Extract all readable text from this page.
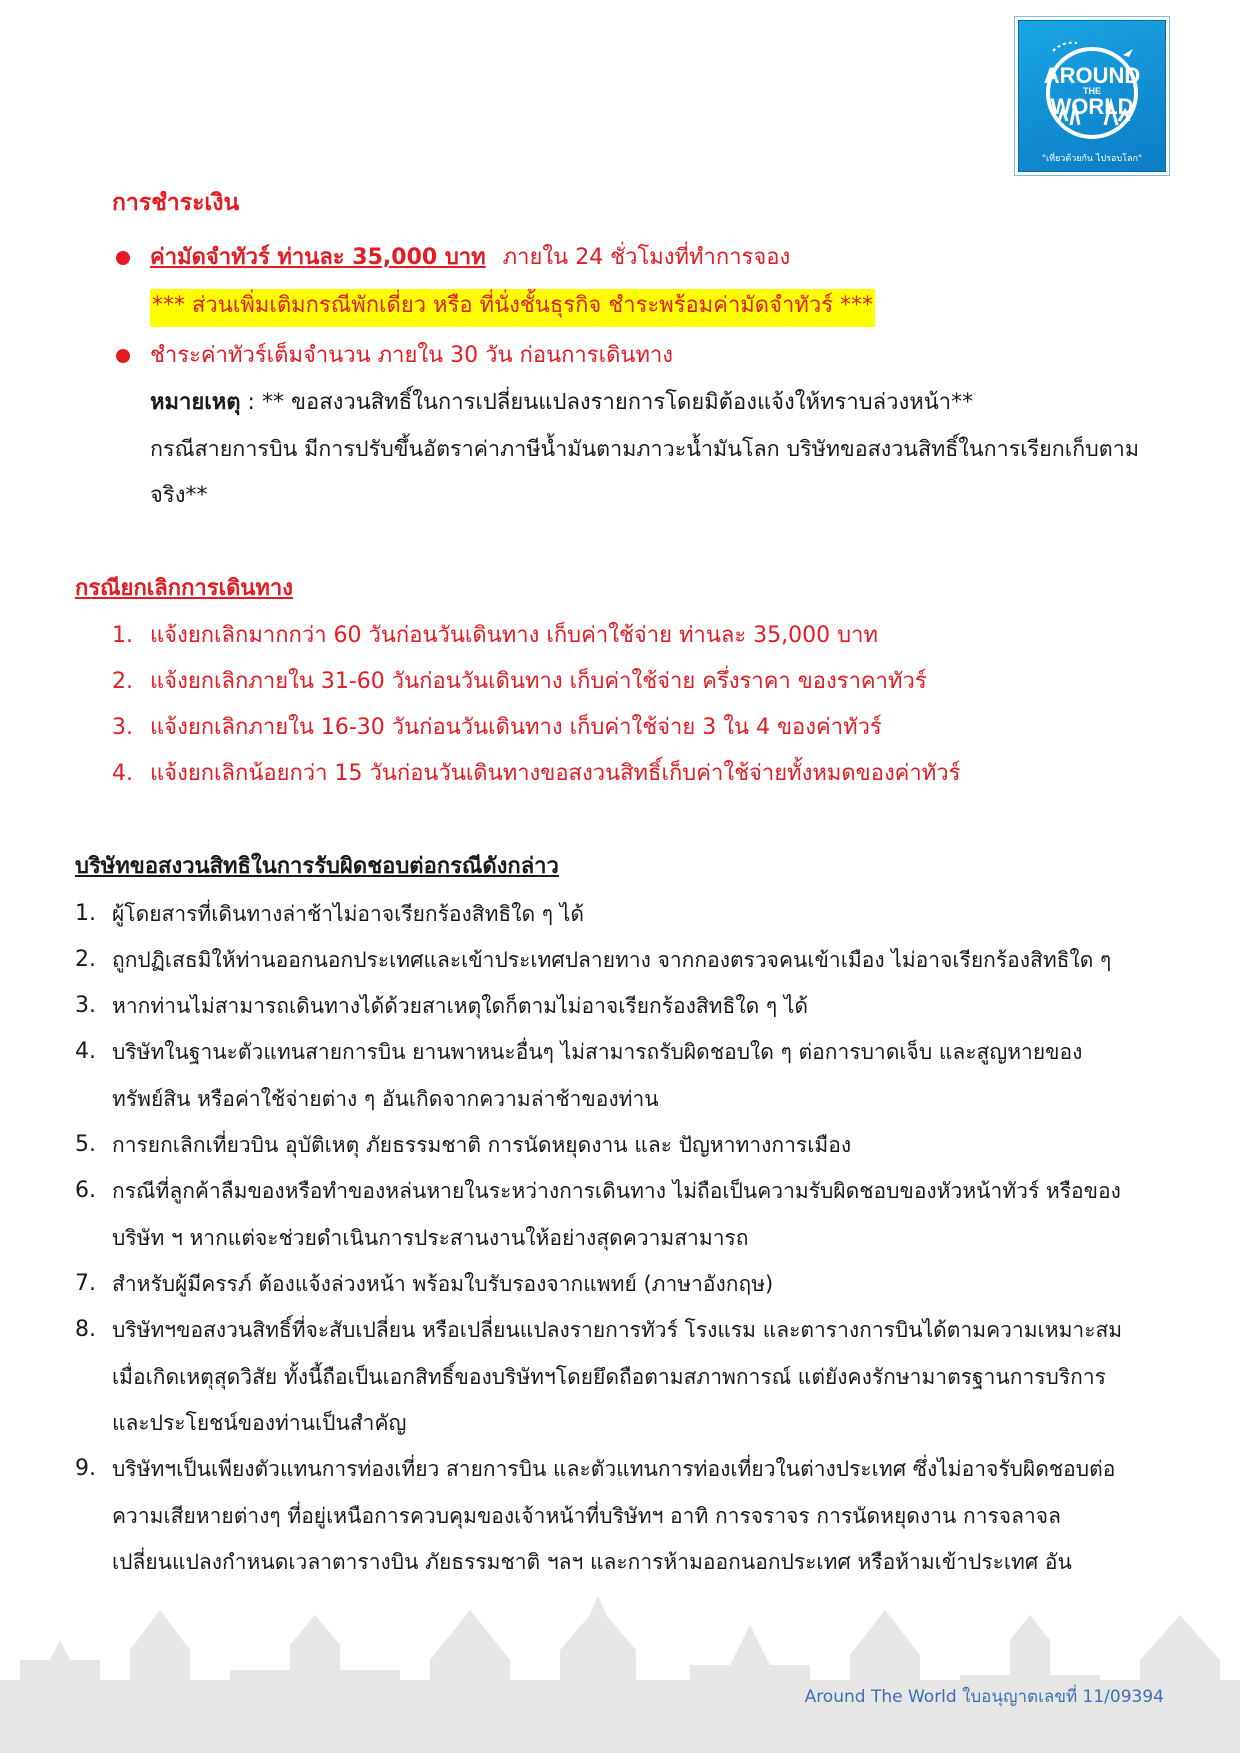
AROUND
THE
WORLD
"เที่ยวด้วยกัน ไปรอบโลก"
การชำระเงิน
ค่ามัดจำทัวร์ ท่านละ 35,000 บาท ภายใน 24 ชั่วโมงที่ทำการจอง
*** ส่วนเพิ่มเติมกรณีพักเดี่ยว หรือ ที่นั่งชั้นธุรกิจ ชำระพร้อมค่ามัดจำทัวร์ ***
ชำระค่าทัวร์เต็มจำนวน ภายใน 30 วัน ก่อนการเดินทาง
หมายเหตุ : ** ขอสงวนสิทธิ์ในการเปลี่ยนแปลงรายการโดยมิต้องแจ้งให้ทราบล่วงหน้า**
กรณีสายการบิน มีการปรับขึ้นอัตราค่าภาษีน้ำมันตามภาวะน้ำมันโลก บริษัทขอสงวนสิทธิ์ในการเรียกเก็บตาม
จริง**
กรณียกเลิกการเดินทาง
1. แจ้งยกเลิกมากกว่า 60 วันก่อนวันเดินทาง เก็บค่าใช้จ่าย ท่านละ 35,000 บาท
2. แจ้งยกเลิกภายใน 31-60 วันก่อนวันเดินทาง เก็บค่าใช้จ่าย ครึ่งราคา ของราคาทัวร์
3. แจ้งยกเลิกภายใน 16-30 วันก่อนวันเดินทาง เก็บค่าใช้จ่าย 3 ใน 4 ของค่าทัวร์
4. แจ้งยกเลิกน้อยกว่า 15 วันก่อนวันเดินทางขอสงวนสิทธิ์เก็บค่าใช้จ่ายทั้งหมดของค่าทัวร์
บริษัทขอสงวนสิทธิในการรับผิดชอบต่อกรณีดังกล่าว
1. ผู้โดยสารที่เดินทางล่าช้าไม่อาจเรียกร้องสิทธิใด ๆ ได้
2. ถูกปฏิเสธมิให้ท่านออกนอกประเทศและเข้าประเทศปลายทาง จากกองตรวจคนเข้าเมือง ไม่อาจเรียกร้องสิทธิใด ๆ
3. หากท่านไม่สามารถเดินทางได้ด้วยสาเหตุใดก็ตามไม่อาจเรียกร้องสิทธิใด ๆ ได้
4. บริษัทในฐานะตัวแทนสายการบิน ยานพาหนะอื่นๆ ไม่สามารถรับผิดชอบใด ๆ ต่อการบาดเจ็บ และสูญหายของ
ทรัพย์สิน หรือค่าใช้จ่ายต่าง ๆ อันเกิดจากความล่าช้าของท่าน
5. การยกเลิกเที่ยวบิน อุบัติเหตุ ภัยธรรมชาติ การนัดหยุดงาน และ ปัญหาทางการเมือง
6. กรณีที่ลูกค้าลืมของหรือทำของหล่นหายในระหว่างการเดินทาง ไม่ถือเป็นความรับผิดชอบของหัวหน้าทัวร์ หรือของ
บริษัท ฯ หากแต่จะช่วยดำเนินการประสานงานให้อย่างสุดความสามารถ
7. สำหรับผู้มีครรภ์ ต้องแจ้งล่วงหน้า พร้อมใบรับรองจากแพทย์ (ภาษาอังกฤษ)
8. บริษัทฯขอสงวนสิทธิ์ที่จะสับเปลี่ยน หรือเปลี่ยนแปลงรายการทัวร์ โรงแรม และตารางการบินได้ตามความเหมาะสม
เมื่อเกิดเหตุสุดวิสัย ทั้งนี้ถือเป็นเอกสิทธิ์ของบริษัทฯโดยยึดถือตามสภาพการณ์ แต่ยังคงรักษามาตรฐานการบริการ
และประโยชน์ของท่านเป็นสำคัญ
9. บริษัทฯเป็นเพียงตัวแทนการท่องเที่ยว สายการบิน และตัวแทนการท่องเที่ยวในต่างประเทศ ซึ่งไม่อาจรับผิดชอบต่อ
ความเสียหายต่างๆ ที่อยู่เหนือการควบคุมของเจ้าหน้าที่บริษัทฯ อาทิ การจราจร การนัดหยุดงาน การจลาจล
เปลี่ยนแปลงกำหนดเวลาตารางบิน ภัยธรรมชาติ ฯลฯ และการห้ามออกนอกประเทศ หรือห้ามเข้าประเทศ อัน
Around The World ใบอนุญาตเลขที่ 11/09394
